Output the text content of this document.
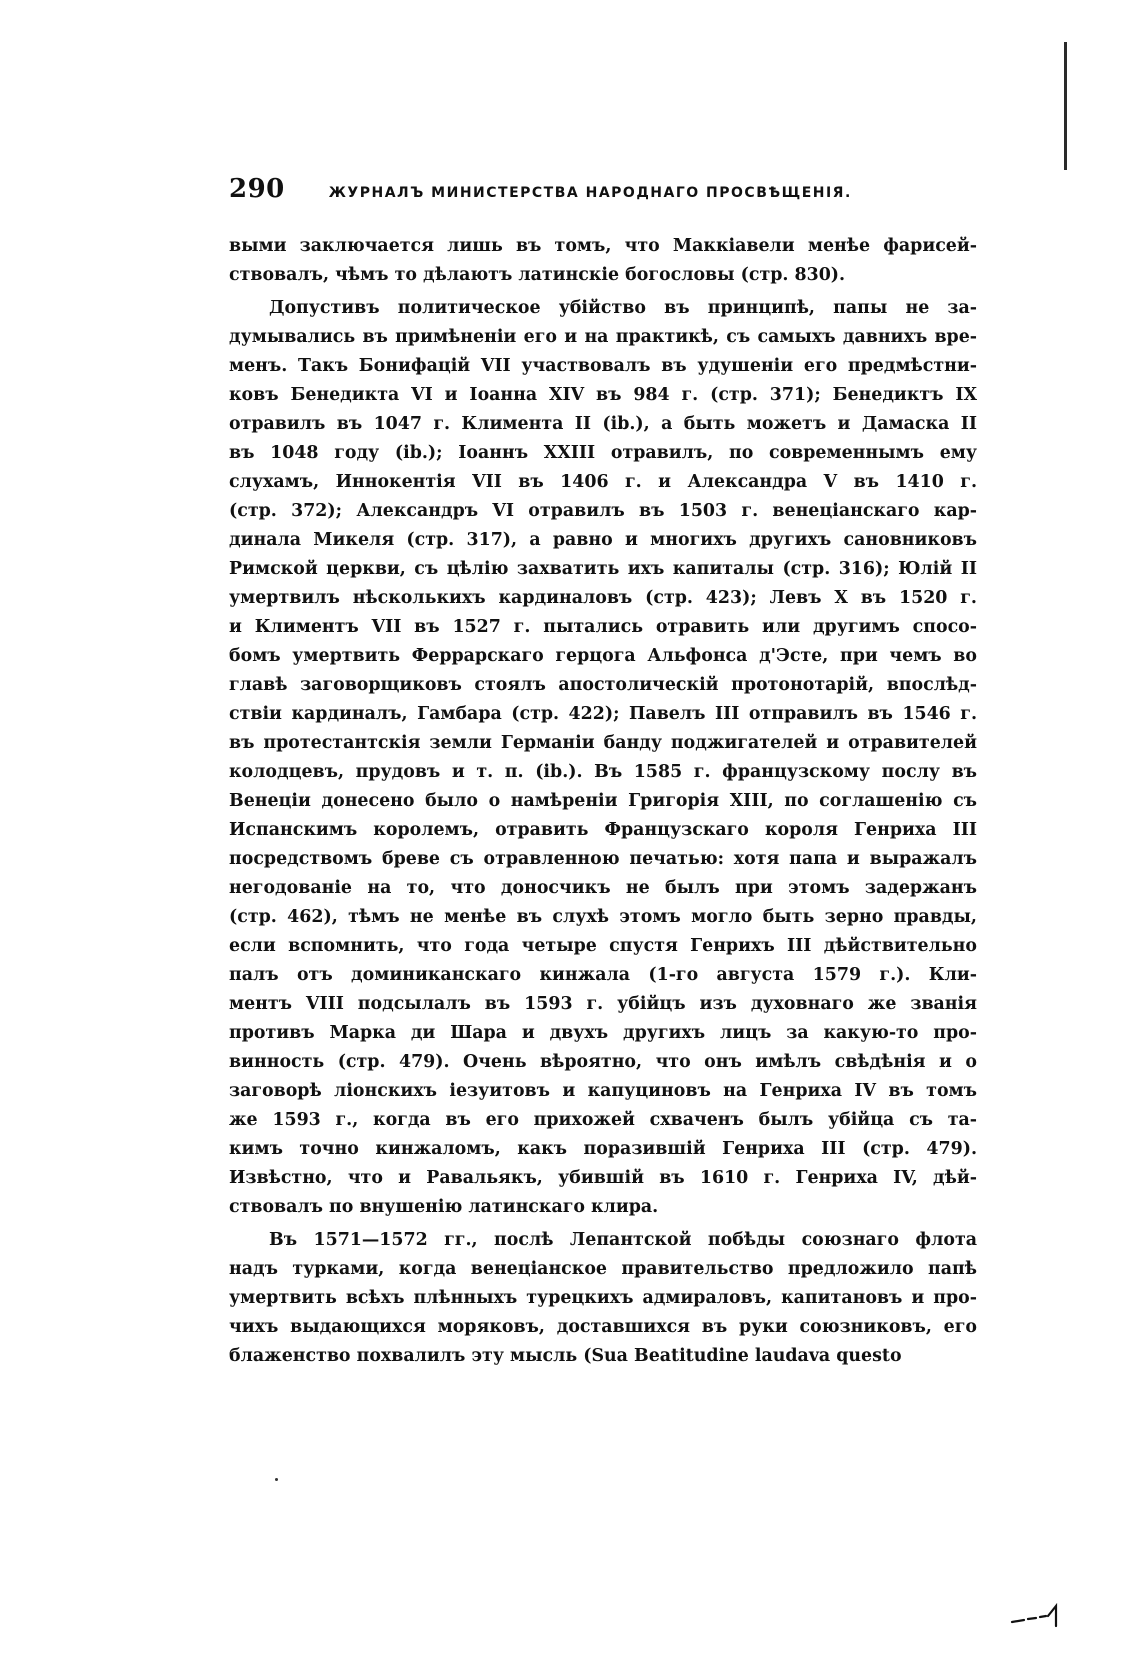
290	ЖУРНАЛЪ МИНИСТЕРСТВА НАРОДНАГО ПРОСВѢЩЕНІЯ.
выми заключается лишь въ томъ, что Маккіавели менѣе фарисей-
ствовалъ, чѣмъ то дѣлаютъ латинскіе богословы (стр. 830).
Допустивъ политическое убійство въ принципѣ, папы не за-
думывались въ примѣненіи его и на практикѣ, съ самыхъ давнихъ вре-
менъ. Такъ Бонифацій VII участвовалъ въ удушеніи его предмѣстни-
ковъ Бенедикта VI и Іоанна XIV въ 984 г. (стр. 371); Бенедиктъ IX
отравилъ въ 1047 г. Климента II (ib.), а быть можетъ и Дамаска II
въ 1048 году (ib.); Іоаннъ XXIII отравилъ, по современнымъ ему
слухамъ, Иннокентія VII въ 1406 г. и Александра V въ 1410 г.
(стр. 372); Александръ VI отравилъ въ 1503 г. венеціанскаго кар-
динала Микеля (стр. 317), а равно и многихъ другихъ сановниковъ
Римской церкви, съ цѣлію захватить ихъ капиталы (стр. 316); Юлій II
умертвилъ нѣсколькихъ кардиналовъ (стр. 423); Левъ X въ 1520 г.
и Климентъ VII въ 1527 г. пытались отравить или другимъ спосо-
бомъ умертвить Феррарскаго герцога Альфонса д'Эсте, при чемъ во
главѣ заговорщиковъ стоялъ апостолическій протонотарій, впослѣд-
ствіи кардиналъ, Гамбара (стр. 422); Павелъ III отправилъ въ 1546 г.
въ протестантскія земли Германіи банду поджигателей и отравителей
колодцевъ, прудовъ и т. п. (ib.). Въ 1585 г. французскому послу въ
Венеціи донесено было о намѣреніи Григорія XIII, по соглашенію съ
Испанскимъ королемъ, отравить Французскаго короля Генриха III
посредствомъ бреве съ отравленною печатью: хотя папа и выражалъ
негодованіе на то, что доносчикъ не былъ при этомъ задержанъ
(стр. 462), тѣмъ не менѣе въ слухѣ этомъ могло быть зерно правды,
если вспомнить, что года четыре спустя Генрихъ III дѣйствительно
палъ отъ доминиканскаго кинжала (1-го августа 1579 г.). Кли-
ментъ VIII подсылалъ въ 1593 г. убійцъ изъ духовнаго же званія
противъ Марка ди Шара и двухъ другихъ лицъ за какую-то про-
винность (стр. 479). Очень вѣроятно, что онъ имѣлъ свѣдѣнія и о
заговорѣ ліонскихъ іезуитовъ и капуциновъ на Генриха IV въ томъ
же 1593 г., когда въ его прихожей схваченъ былъ убійца съ та-
кимъ точно кинжаломъ, какъ поразившій Генриха III (стр. 479).
Извѣстно, что и Равальякъ, убившій въ 1610 г. Генриха IV, дѣй-
ствовалъ по внушенію латинскаго клира.
Въ 1571—1572 гг., послѣ Лепантской побѣды союзнаго флота
надъ турками, когда венеціанское правительство предложило папѣ
умертвить всѣхъ плѣнныхъ турецкихъ адмираловъ, капитановъ и про-
чихъ выдающихся моряковъ, доставшихся въ руки союзниковъ, его
блаженство похвалилъ эту мысль (Sua Beatitudine laudava questo
